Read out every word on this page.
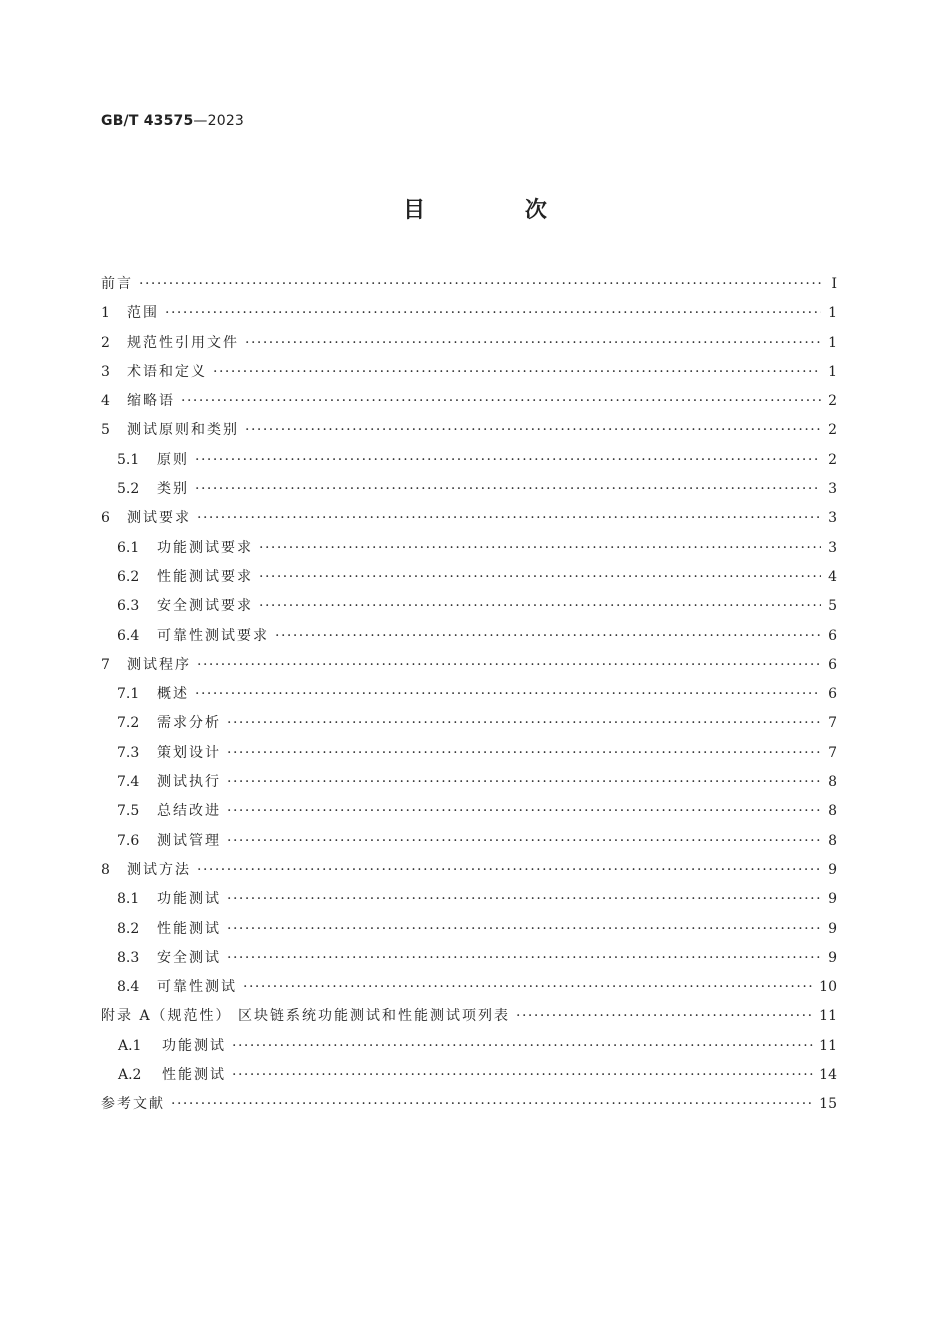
GB/T 43575—2023
目 次
前言 ·····	I
1	范围 ·····	1
2	规范性引用文件 ·····	1
3	术语和定义 ·····	1
4	缩略语 ·····	2
5	测试原则和类别 ·····	2
5.1	原则 ·····	2
5.2	类别 ·····	3
6	测试要求 ·····	3
6.1	功能测试要求 ·····	3
6.2	性能测试要求 ·····	4
6.3	安全测试要求 ·····	5
6.4	可靠性测试要求 ·····	6
7	测试程序 ·····	6
7.1	概述 ·····	6
7.2	需求分析 ·····	7
7.3	策划设计 ·····	7
7.4	测试执行 ·····	8
7.5	总结改进 ·····	8
7.6	测试管理 ·····	8
8	测试方法 ·····	9
8.1	功能测试 ·····	9
8.2	性能测试 ·····	9
8.3	安全测试 ·····	9
8.4	可靠性测试 ·····	10
附录 A（规范性） 区块链系统功能测试和性能测试项列表 ·····	11
A.1	功能测试 ·····	11
A.2	性能测试 ·····	14
参考文献 ·····	15
